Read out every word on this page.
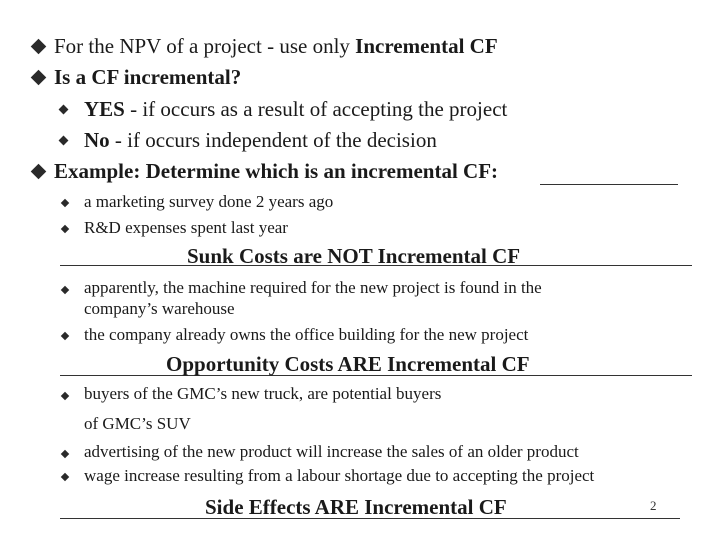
For the NPV of a project - use only Incremental CF
Is a CF incremental?
YES - if occurs as a result of accepting the project
No - if occurs independent of the decision
Example: Determine which is an incremental CF:
a marketing survey done 2 years ago
R&D expenses spent last year
Sunk Costs are NOT Incremental CF
apparently, the machine required for the new project is found in the
company’s warehouse
the company already owns the office building for the new project
Opportunity Costs ARE Incremental CF
buyers of the GMC’s new truck, are potential buyers
of GMC’s SUV
advertising of the new product will increase the sales of an older product
wage increase resulting from a labour shortage due to accepting the project
Side Effects ARE Incremental CF	2
